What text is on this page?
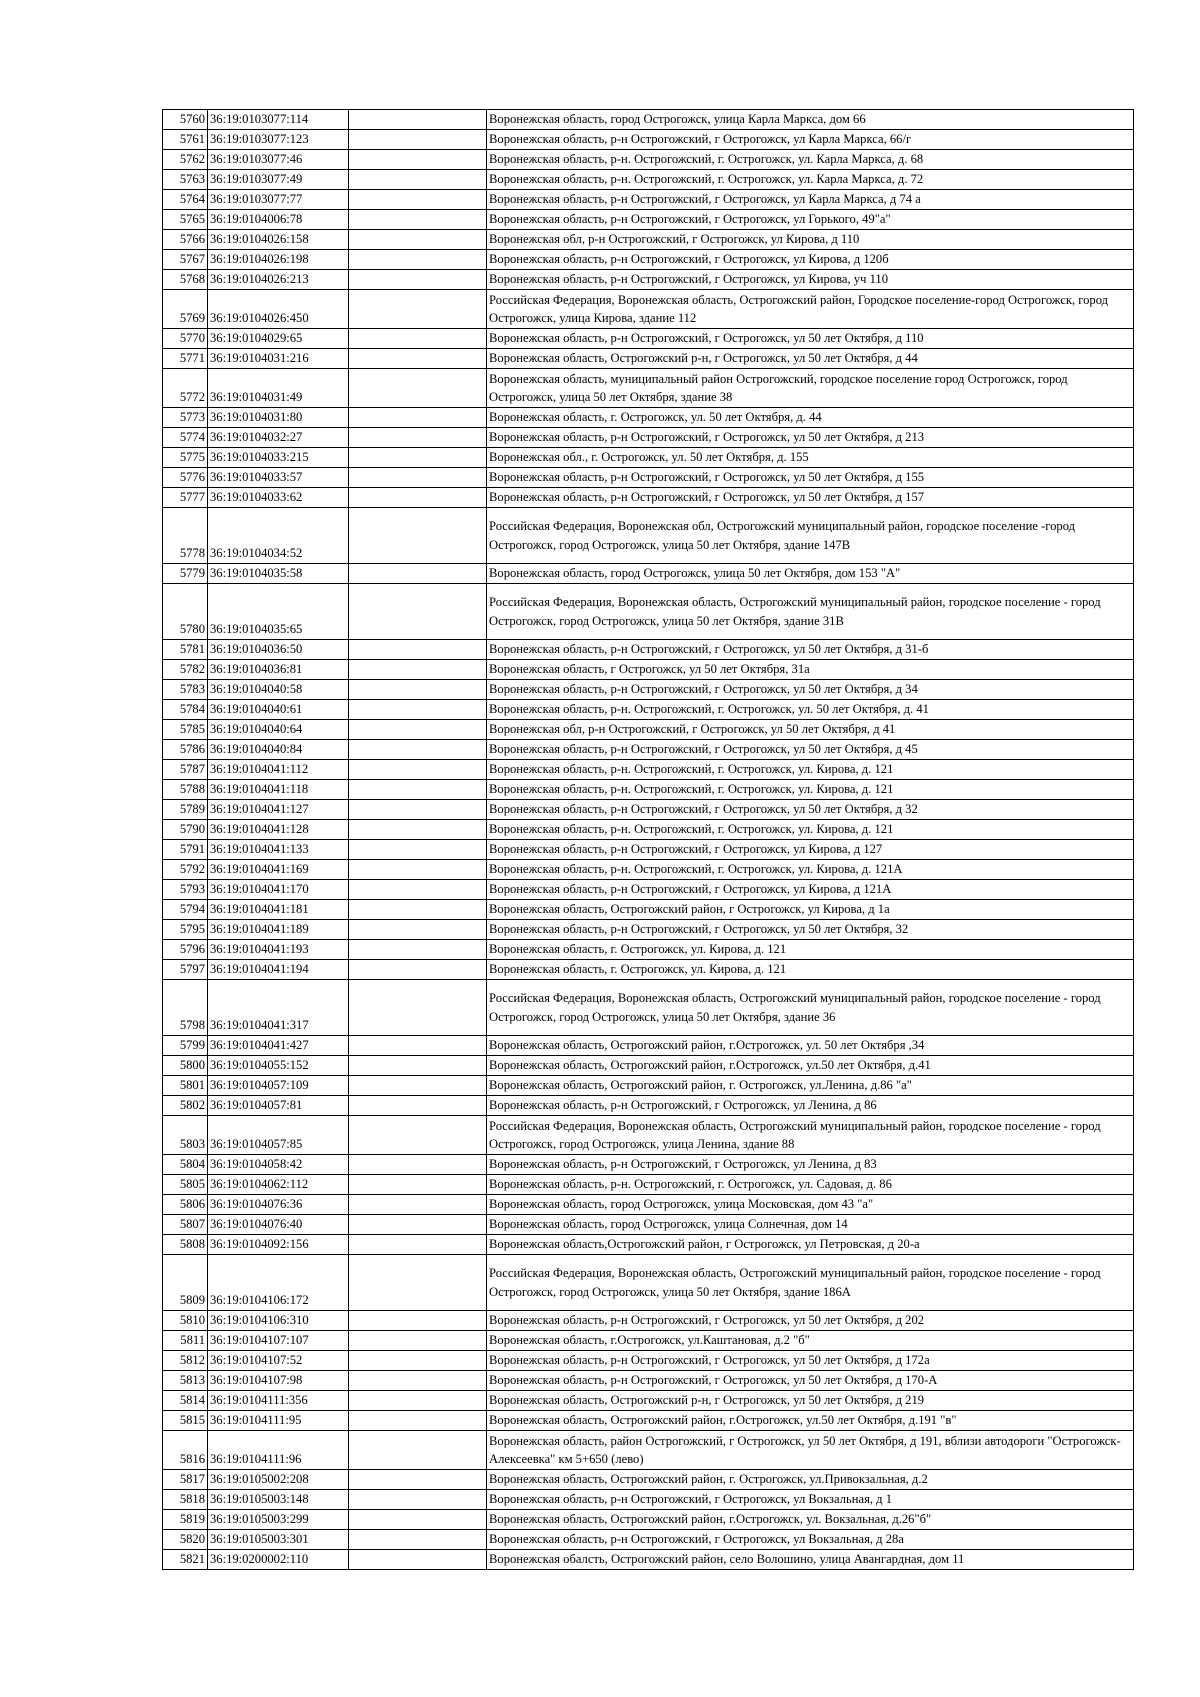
5760	36:19:0103077:114		Воронежская область, город Острогожск, улица Карла Маркса, дом 66
5761	36:19:0103077:123		Воронежская область, р-н Острогожский, г Острогожск, ул Карла Маркса, 66/г
5762	36:19:0103077:46		Воронежская область, р-н. Острогожский, г. Острогожск, ул. Карла Маркса, д. 68
5763	36:19:0103077:49		Воронежская область, р-н. Острогожский, г. Острогожск, ул. Карла Маркса, д. 72
5764	36:19:0103077:77		Воронежская область, р-н Острогожский, г Острогожск, ул Карла Маркса, д 74 а
5765	36:19:0104006:78		Воронежская область, р-н Острогожский, г Острогожск, ул Горького, 49"а"
5766	36:19:0104026:158		Воронежская обл, р-н Острогожский, г Острогожск, ул Кирова, д 110
5767	36:19:0104026:198		Воронежская область, р-н Острогожский, г Острогожск, ул Кирова, д 120б
5768	36:19:0104026:213		Воронежская область, р-н Острогожский, г Острогожск, ул Кирова, уч 110
5769	36:19:0104026:450		Российская Федерация, Воронежская область, Острогожский район, Городское поселение-город Острогожск, город Острогожск, улица Кирова, здание 112
5770	36:19:0104029:65		Воронежская область, р-н Острогожский, г Острогожск, ул 50 лет Октября, д 110
5771	36:19:0104031:216		Воронежская область, Острогожский р-н, г Острогожск, ул 50 лет Октября, д 44
5772	36:19:0104031:49		Воронежская область, муниципальный район Острогожский, городское поселение город Острогожск, город Острогожск, улица 50 лет Октября, здание 38
5773	36:19:0104031:80		Воронежская область, г. Острогожск, ул. 50 лет Октября, д. 44
5774	36:19:0104032:27		Воронежская область, р-н Острогожский, г Острогожск, ул 50 лет Октября, д 213
5775	36:19:0104033:215		Воронежская обл., г. Острогожск, ул. 50 лет Октября, д. 155
5776	36:19:0104033:57		Воронежская область, р-н Острогожский, г Острогожск, ул 50 лет Октября, д 155
5777	36:19:0104033:62		Воронежская область, р-н Острогожский, г Острогожск, ул 50 лет Октября, д 157
5778	36:19:0104034:52		Российская Федерация, Воронежская обл, Острогожский муниципальный район, городское поселение -город Острогожск, город Острогожск, улица 50 лет Октября, здание 147В
5779	36:19:0104035:58		Воронежская область, город Острогожск, улица 50 лет Октября, дом 153 "А"
5780	36:19:0104035:65		Российская Федерация, Воронежская область, Острогожский муниципальный район, городское поселение - город Острогожск, город Острогожск, улица 50 лет Октября, здание 31В
5781	36:19:0104036:50		Воронежская область, р-н Острогожский, г Острогожск, ул 50 лет Октября, д 31-б
5782	36:19:0104036:81		Воронежская область, г Острогожск, ул 50 лет Октября, 31а
5783	36:19:0104040:58		Воронежская область, р-н Острогожский, г Острогожск, ул 50 лет Октября, д 34
5784	36:19:0104040:61		Воронежская область, р-н. Острогожский, г. Острогожск, ул. 50 лет Октября, д. 41
5785	36:19:0104040:64		Воронежская обл, р-н Острогожский, г Острогожск, ул 50 лет Октября, д 41
5786	36:19:0104040:84		Воронежская область, р-н Острогожский, г Острогожск, ул 50 лет Октября, д 45
5787	36:19:0104041:112		Воронежская область, р-н. Острогожский, г. Острогожск, ул. Кирова, д. 121
5788	36:19:0104041:118		Воронежская область, р-н. Острогожский, г. Острогожск, ул. Кирова, д. 121
5789	36:19:0104041:127		Воронежская область, р-н Острогожский, г Острогожск, ул 50 лет Октября, д 32
5790	36:19:0104041:128		Воронежская область, р-н. Острогожский, г. Острогожск, ул. Кирова, д. 121
5791	36:19:0104041:133		Воронежская область, р-н Острогожский, г Острогожск, ул Кирова, д 127
5792	36:19:0104041:169		Воронежская область, р-н. Острогожский, г. Острогожск, ул. Кирова, д. 121А
5793	36:19:0104041:170		Воронежская область, р-н Острогожский, г Острогожск, ул Кирова, д 121А
5794	36:19:0104041:181		Воронежская область, Острогожский район, г Острогожск, ул Кирова, д 1а
5795	36:19:0104041:189		Воронежская область, р-н Острогожский, г Острогожск, ул 50 лет Октября, 32
5796	36:19:0104041:193		Воронежская область, г. Острогожск, ул. Кирова, д. 121
5797	36:19:0104041:194		Воронежская область, г. Острогожск, ул. Кирова, д. 121
5798	36:19:0104041:317		Российская Федерация, Воронежская область, Острогожский муниципальный район, городское поселение - город Острогожск, город Острогожск, улица 50 лет Октября, здание 36
5799	36:19:0104041:427		Воронежская область, Острогожский район, г.Острогожск, ул. 50 лет Октября ,34
5800	36:19:0104055:152		Воронежская область, Острогожский район, г.Острогожск, ул.50 лет Октября, д.41
5801	36:19:0104057:109		Воронежская область, Острогожский район, г. Острогожск, ул.Ленина, д.86 "а"
5802	36:19:0104057:81		Воронежская область, р-н Острогожский, г Острогожск, ул Ленина, д 86
5803	36:19:0104057:85		Российская Федерация, Воронежская область, Острогожский муниципальный район, городское поселение - город Острогожск, город Острогожск, улица Ленина, здание 88
5804	36:19:0104058:42		Воронежская область, р-н Острогожский, г Острогожск, ул Ленина, д 83
5805	36:19:0104062:112		Воронежская область, р-н. Острогожский, г. Острогожск, ул. Садовая, д. 86
5806	36:19:0104076:36		Воронежская область, город Острогожск, улица Московская, дом 43 "а"
5807	36:19:0104076:40		Воронежская область, город Острогожск, улица Солнечная, дом 14
5808	36:19:0104092:156		Воронежская область,Острогожский район, г Острогожск, ул Петровская, д 20-а
5809	36:19:0104106:172		Российская Федерация, Воронежская область, Острогожский муниципальный район, городское поселение - город Острогожск, город Острогожск, улица 50 лет Октября, здание 186А
5810	36:19:0104106:310		Воронежская область, р-н Острогожский, г Острогожск, ул 50 лет Октября, д 202
5811	36:19:0104107:107		Воронежская область, г.Острогожск, ул.Каштановая, д.2 "б"
5812	36:19:0104107:52		Воронежская область, р-н Острогожский, г Острогожск, ул 50 лет Октября, д 172а
5813	36:19:0104107:98		Воронежская область, р-н Острогожский, г Острогожск, ул 50 лет Октября, д 170-А
5814	36:19:0104111:356		Воронежская область, Острогожский р-н, г Острогожск, ул 50 лет Октября, д 219
5815	36:19:0104111:95		Воронежская область, Острогожский район, г.Острогожск, ул.50 лет Октября, д.191 "в"
5816	36:19:0104111:96		Воронежская область, район Острогожский, г Острогожск, ул 50 лет Октября, д 191, вблизи автодороги "Острогожск-Алексеевка" км 5+650 (лево)
5817	36:19:0105002:208		Воронежская область, Острогожский район, г. Острогожск, ул.Привокзальная, д.2
5818	36:19:0105003:148		Воронежская область, р-н Острогожский, г Острогожск, ул Вокзальная, д 1
5819	36:19:0105003:299		Воронежская область, Острогожский район, г.Острогожск, ул. Вокзальная, д.26"б"
5820	36:19:0105003:301		Воронежская область, р-н Острогожский, г Острогожск, ул Вокзальная, д 28а
5821	36:19:0200002:110		Воронежская обалсть, Острогожский район, село Волошино, улица Авангардная, дом 11
